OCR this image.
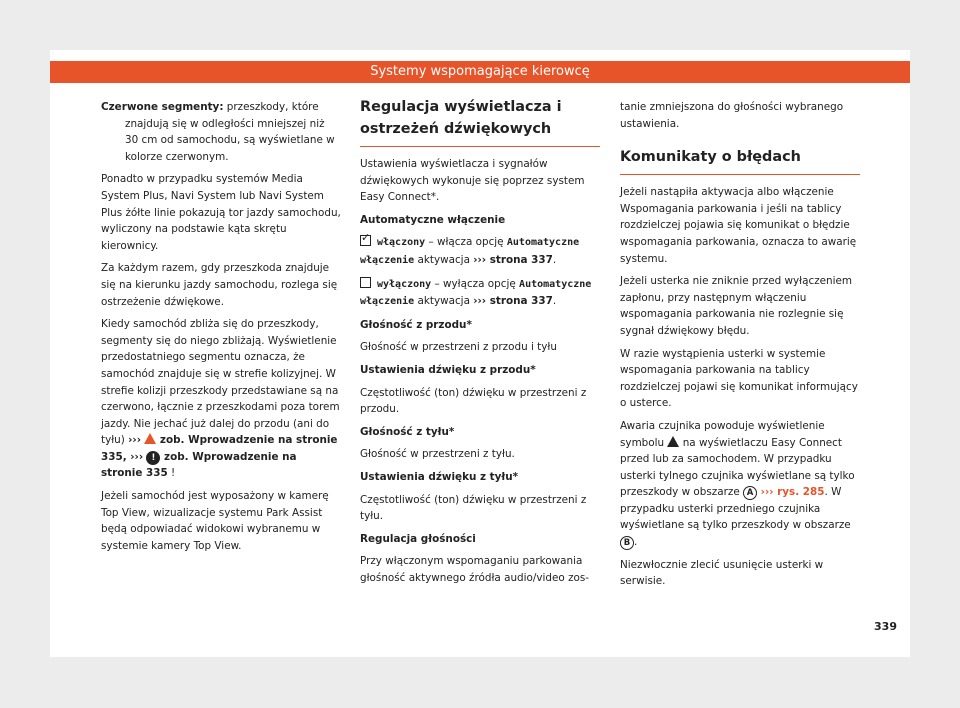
Systemy wspomagające kierowcę

Czerwone segmenty: przeszkody, które znajdują się w odległości mniejszej niż 30 cm od samochodu, są wyświetlane w kolorze czerwonym.

Ponadto w przypadku systemów Media System Plus, Navi System lub Navi System Plus żółte linie pokazują tor jazdy samochodu, wyliczony na podstawie kąta skrętu kierownicy.

Za każdym razem, gdy przeszkoda znajduje się na kierunku jazdy samochodu, rozlega się ostrzeżenie dźwiękowe.

Kiedy samochód zbliża się do przeszkody, segmenty się do niego zbliżają. Wyświetlenie przedostatniego segmentu oznacza, że samochód znajduje się w strefie kolizyjnej. W strefie kolizji przeszkody przedstawiane są na czerwono, łącznie z przeszkodami poza torem jazdy. Nie jechać już dalej do przodu (ani do tyłu) ›››  zob. Wprowadzenie na stronie 335, ››› ! zob. Wprowadzenie na stronie 335 !

Jeżeli samochód jest wyposażony w kamerę Top View, wizualizacje systemu Park Assist będą odpowiadać widokowi wybranemu w systemie kamery Top View.

Regulacja wyświetlacza i ostrzeżeń dźwiękowych

Ustawienia wyświetlacza i sygnałów dźwiękowych wykonuje się poprzez system Easy Connect*.

Automatyczne włączenie

✓włączony – włącza opcję Automatyczne włączenie aktywacja ››› strona 337.

wyłączony – wyłącza opcję Automatyczne włączenie aktywacja ››› strona 337.

Głośność z przodu*

Głośność w przestrzeni z przodu i tyłu

Ustawienia dźwięku z przodu*

Częstotliwość (ton) dźwięku w przestrzeni z przodu.

Głośność z tyłu*

Głośność w przestrzeni z tyłu.

Ustawienia dźwięku z tyłu*

Częstotliwość (ton) dźwięku w przestrzeni z tyłu.

Regulacja głośności

Przy włączonym wspomaganiu parkowania głośność aktywnego źródła audio/video zos-

tanie zmniejszona do głośności wybranego ustawienia.

Komunikaty o błędach

Jeżeli nastąpiła aktywacja albo włączenie Wspomagania parkowania i jeśli na tablicy rozdzielczej pojawia się komunikat o błędzie wspomagania parkowania, oznacza to awarię systemu.

Jeżeli usterka nie zniknie przed wyłączeniem zapłonu, przy następnym włączeniu wspomagania parkowania nie rozlegnie się sygnał dźwiękowy błędu.

W razie wystąpienia usterki w systemie wspomagania parkowania na tablicy rozdzielczej pojawi się komunikat informujący o usterce.

Awaria czujnika powoduje wyświetlenie symbolu  na wyświetlaczu Easy Connect przed lub za samochodem. W przypadku usterki tylnego czujnika wyświetlane są tylko przeszkody w obszarze A ››› rys. 285. W przypadku usterki przedniego czujnika wyświetlane są tylko przeszkody w obszarze B .

Niezwłocznie zlecić usunięcie usterki w serwisie.

339
